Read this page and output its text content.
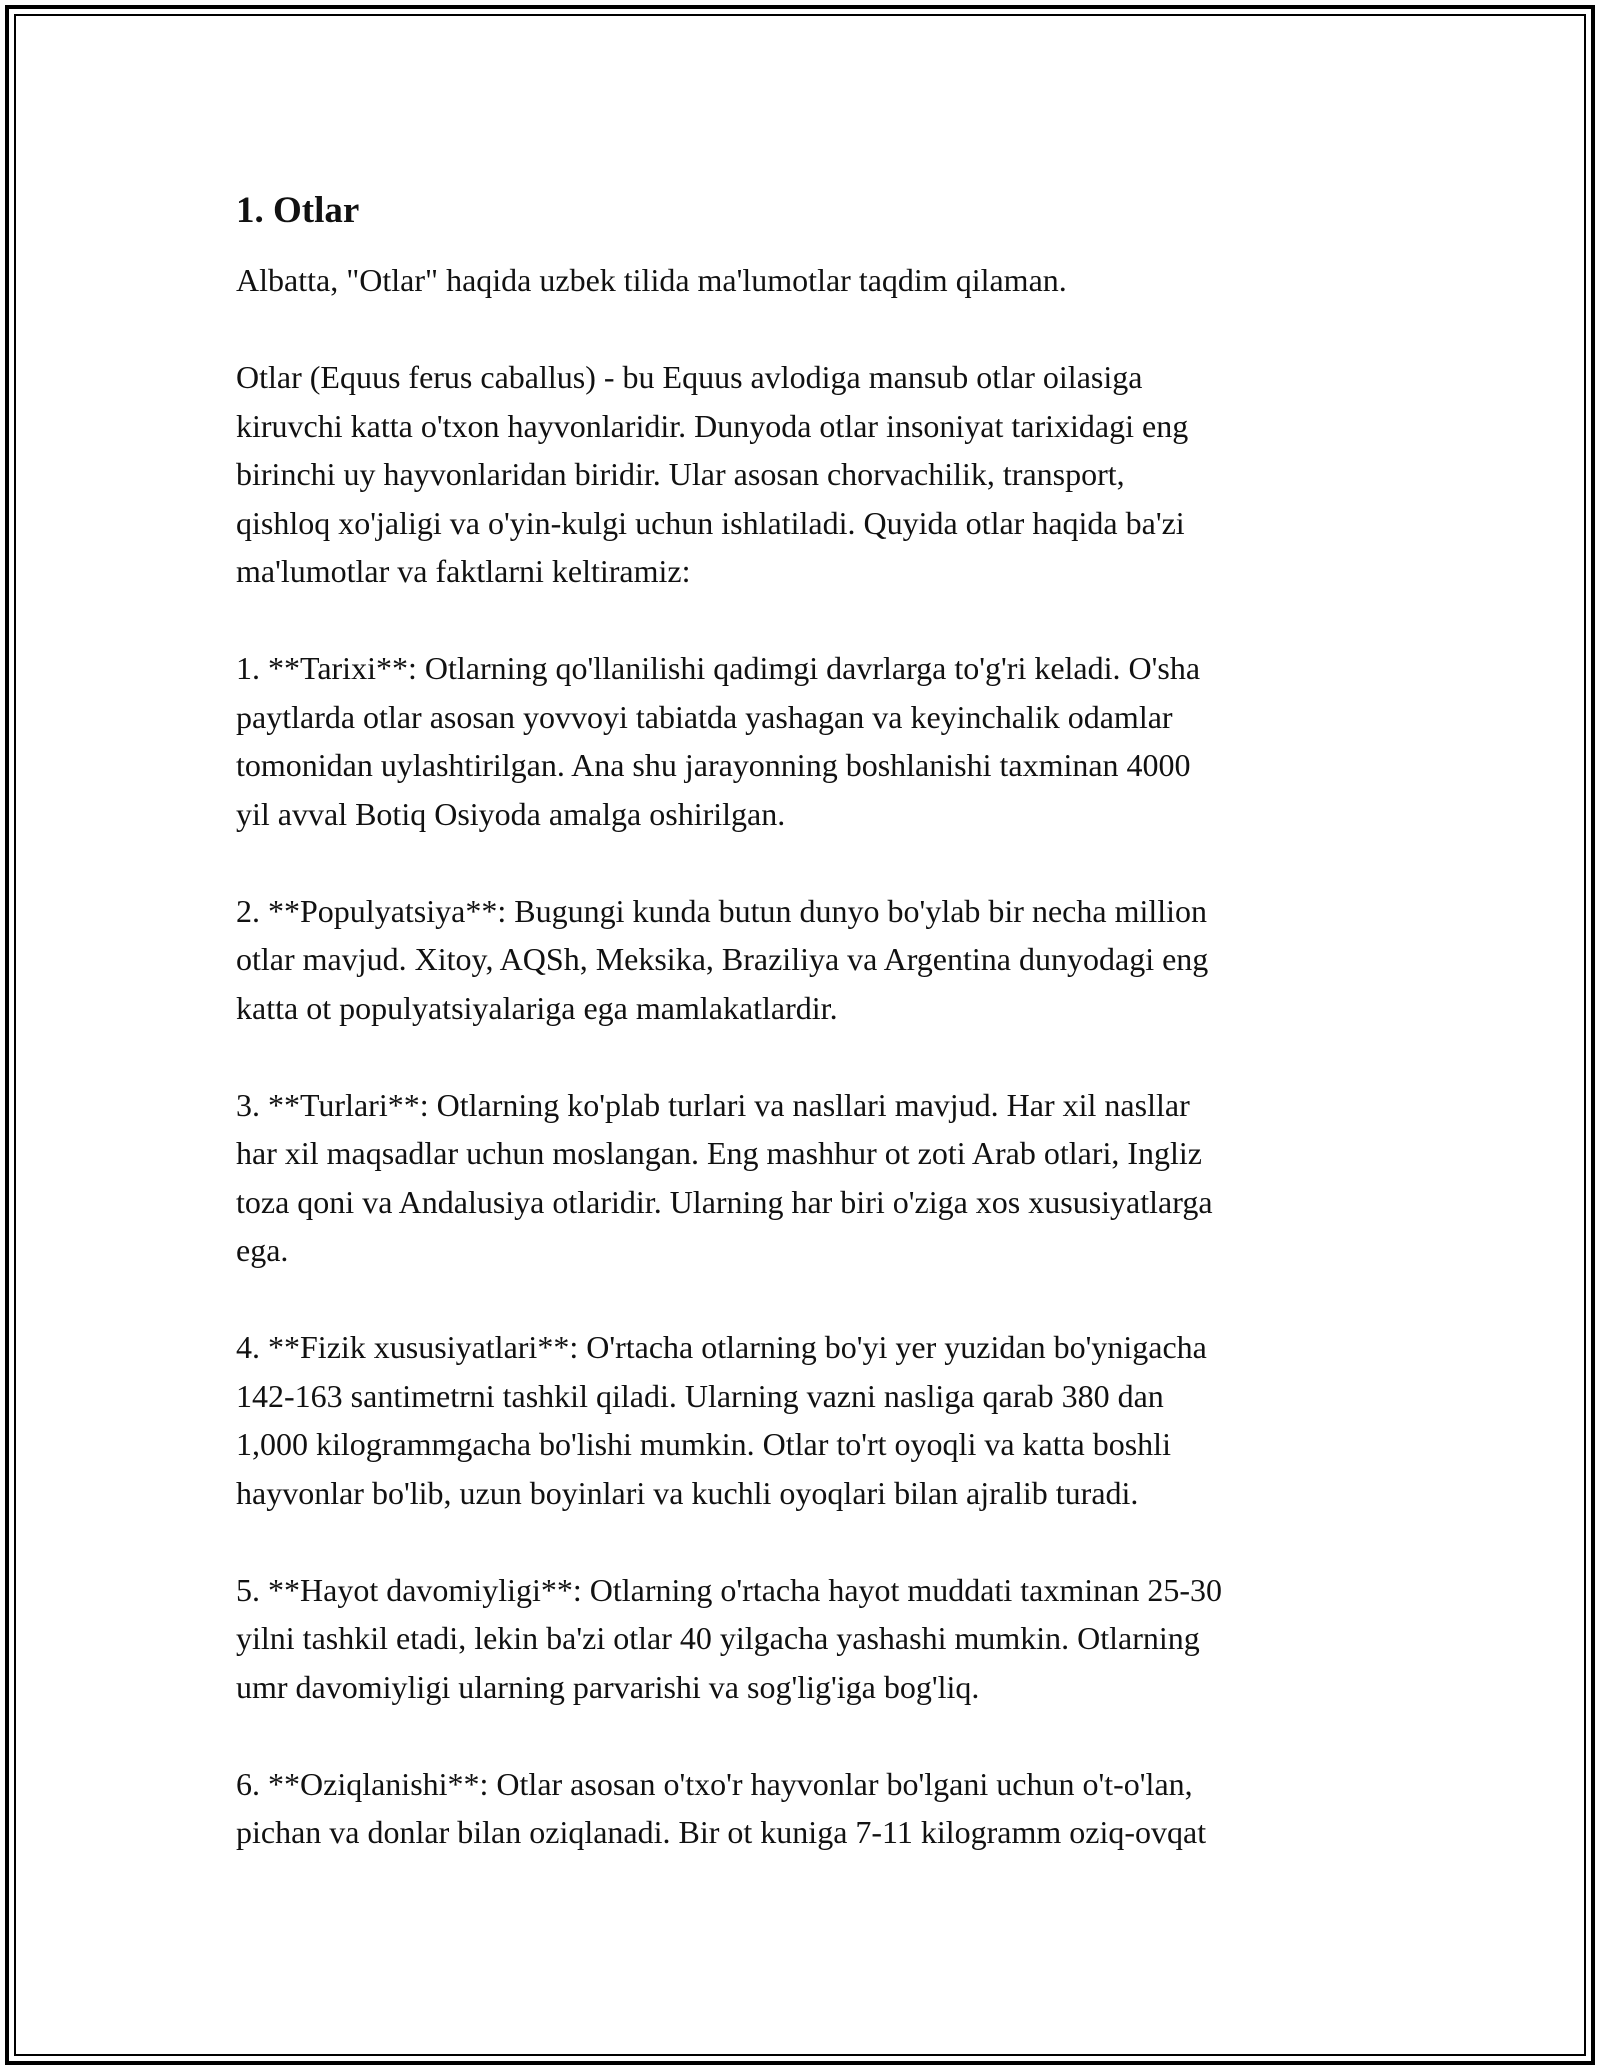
1. Otlar
Albatta, "Otlar" haqida uzbek tilida ma'lumotlar taqdim qilaman.
Otlar (Equus ferus caballus) - bu Equus avlodiga mansub otlar oilasiga
kiruvchi katta o'txon hayvonlaridir. Dunyoda otlar insoniyat tarixidagi eng
birinchi uy hayvonlaridan biridir. Ular asosan chorvachilik, transport,
qishloq xo'jaligi va o'yin-kulgi uchun ishlatiladi. Quyida otlar haqida ba'zi
ma'lumotlar va faktlarni keltiramiz:
1. **Tarixi**: Otlarning qo'llanilishi qadimgi davrlarga to'g'ri keladi. O'sha
paytlarda otlar asosan yovvoyi tabiatda yashagan va keyinchalik odamlar
tomonidan uylashtirilgan. Ana shu jarayonning boshlanishi taxminan 4000
yil avval Botiq Osiyoda amalga oshirilgan.
2. **Populyatsiya**: Bugungi kunda butun dunyo bo'ylab bir necha million
otlar mavjud. Xitoy, AQSh, Meksika, Braziliya va Argentina dunyodagi eng
katta ot populyatsiyalariga ega mamlakatlardir.
3. **Turlari**: Otlarning ko'plab turlari va nasllari mavjud. Har xil nasllar
har xil maqsadlar uchun moslangan. Eng mashhur ot zoti Arab otlari, Ingliz
toza qoni va Andalusiya otlaridir. Ularning har biri o'ziga xos xususiyatlarga
ega.
4. **Fizik xususiyatlari**: O'rtacha otlarning bo'yi yer yuzidan bo'ynigacha
142-163 santimetrni tashkil qiladi. Ularning vazni nasliga qarab 380 dan
1,000 kilogrammgacha bo'lishi mumkin. Otlar to'rt oyoqli va katta boshli
hayvonlar bo'lib, uzun boyinlari va kuchli oyoqlari bilan ajralib turadi.
5. **Hayot davomiyligi**: Otlarning o'rtacha hayot muddati taxminan 25-30
yilni tashkil etadi, lekin ba'zi otlar 40 yilgacha yashashi mumkin. Otlarning
umr davomiyligi ularning parvarishi va sog'lig'iga bog'liq.
6. **Oziqlanishi**: Otlar asosan o'txo'r hayvonlar bo'lgani uchun o't-o'lan,
pichan va donlar bilan oziqlanadi. Bir ot kuniga 7-11 kilogramm oziq-ovqat
